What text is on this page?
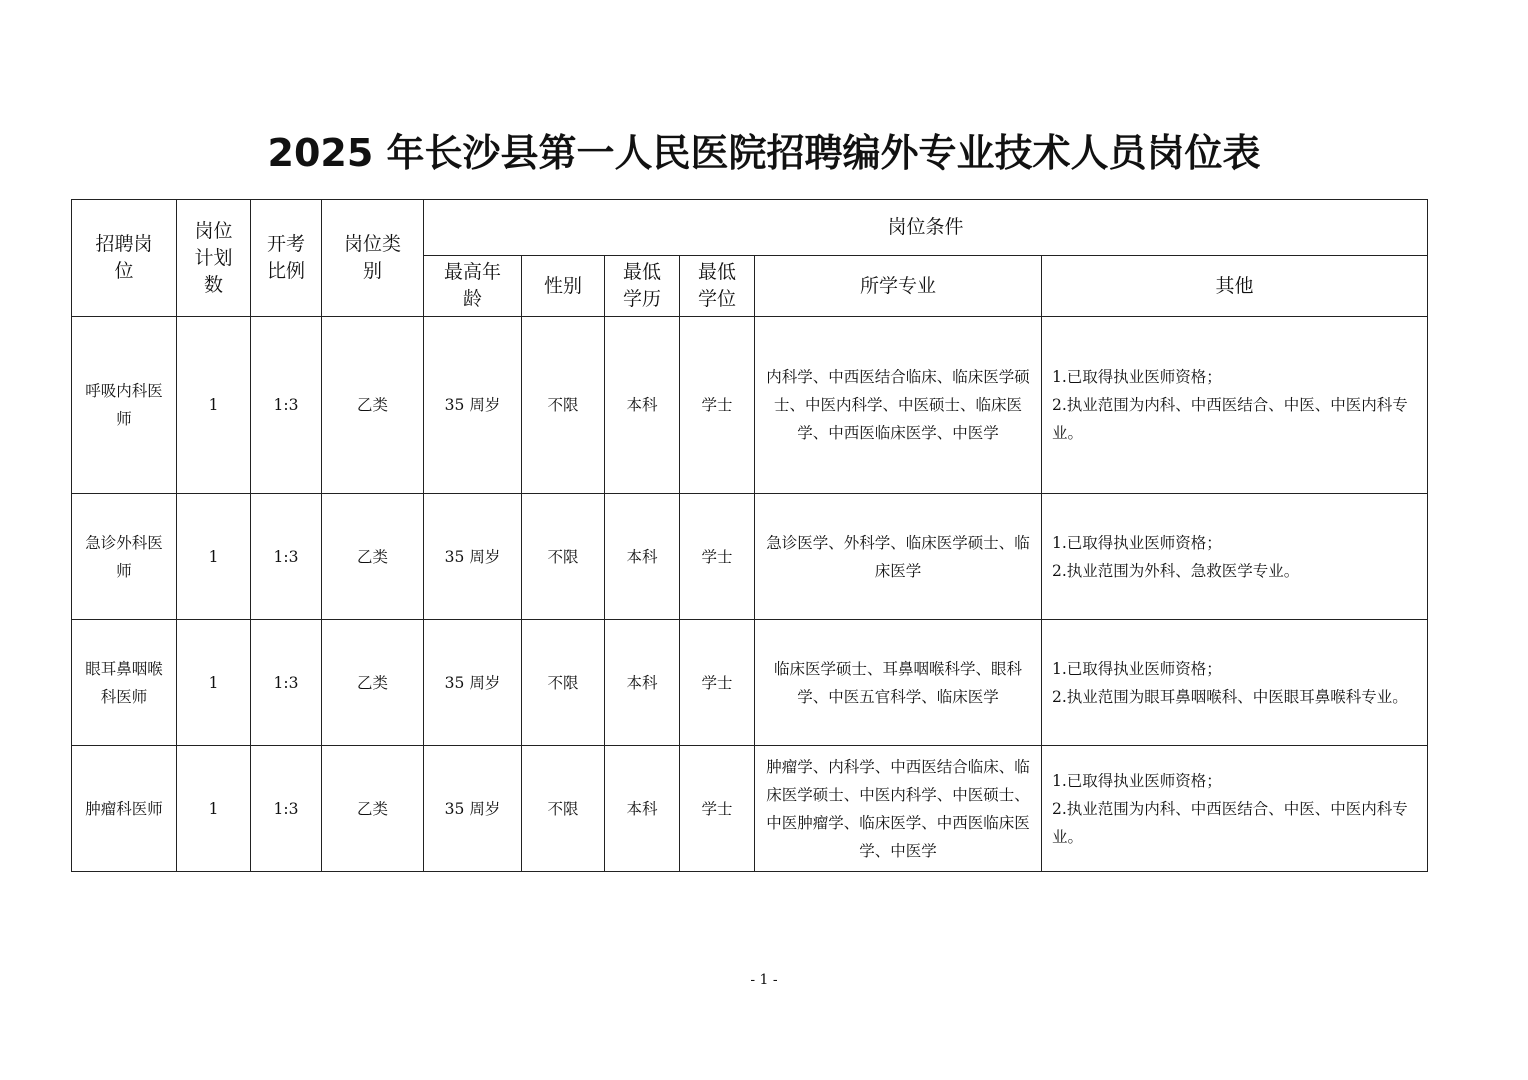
2025 年长沙县第一人民医院招聘编外专业技术人员岗位表
招聘岗位	岗位计划数	开考比例	岗位类别	岗位条件					
				最高年龄	性别	最低学历	最低学位	所学专业	其他
呼吸内科医师	1	1:3	乙类	35 周岁	不限	本科	学士	内科学、中西医结合临床、临床医学硕士、中医内科学、中医硕士、临床医学、中西医临床医学、中医学	1.已取得执业医师资格；
2.执业范围为内科、中西医结合、中医、中医内科专业。

急诊外科医师	1	1:3	乙类	35 周岁	不限	本科	学士	急诊医学、外科学、临床医学硕士、临床医学	1.已取得执业医师资格；
2.执业范围为外科、急救医学专业。

眼耳鼻咽喉科医师	1	1:3	乙类	35 周岁	不限	本科	学士	临床医学硕士、耳鼻咽喉科学、眼科学、中医五官科学、临床医学	1.已取得执业医师资格；
2.执业范围为眼耳鼻咽喉科、中医眼耳鼻喉科专业。

肿瘤科医师	1	1:3	乙类	35 周岁	不限	本科	学士	肿瘤学、内科学、中西医结合临床、临床医学硕士、中医内科学、中医硕士、中医肿瘤学、临床医学、中西医临床医学、中医学	1.已取得执业医师资格；
2.执业范围为内科、中西医结合、中医、中医内科专业。
- 1 -
